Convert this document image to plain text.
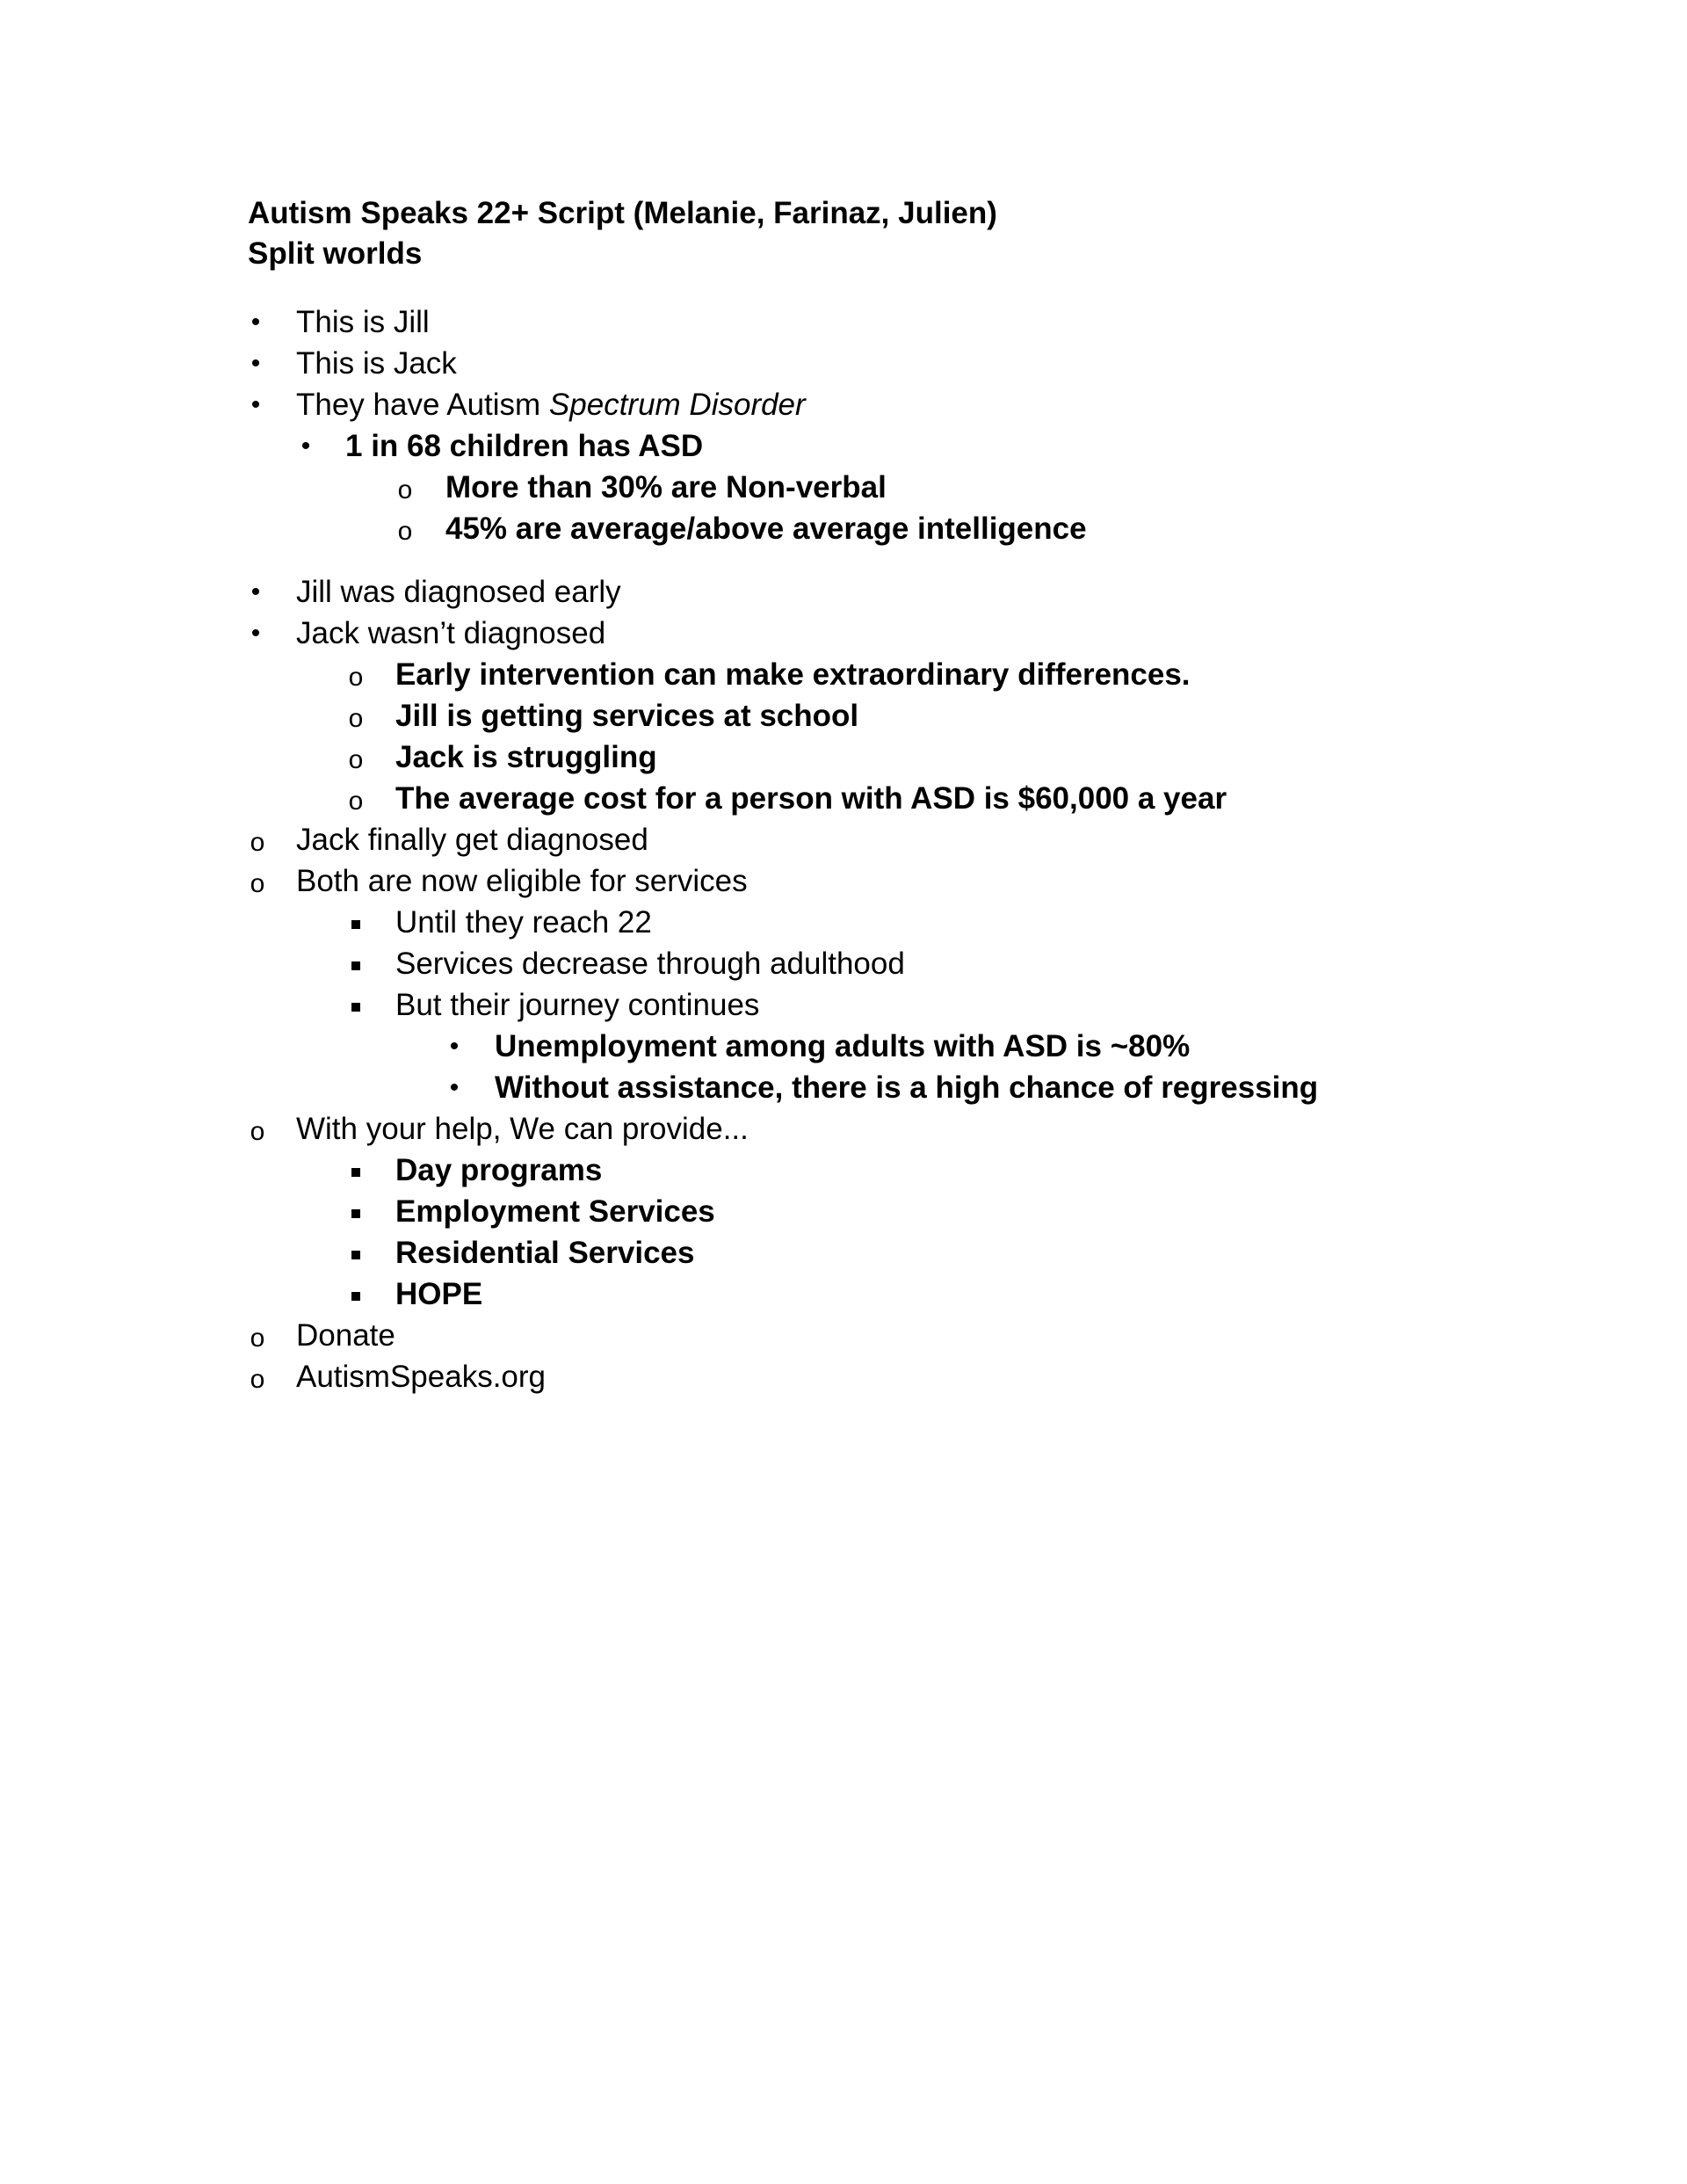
Autism Speaks 22+ Script (Melanie, Farinaz, Julien)
Split worlds
• This is Jill
• This is Jack
• They have Autism Spectrum Disorder
• 1 in 68 children has ASD
o More than 30% are Non-verbal
o 45% are average/above average intelligence
• Jill was diagnosed early
• Jack wasn’t diagnosed
o Early intervention can make extraordinary differences.
o Jill is getting services at school
o Jack is struggling
o The average cost for a person with ASD is $60,000 a year
o Jack finally get diagnosed
o Both are now eligible for services
Until they reach 22
Services decrease through adulthood
But their journey continues
• Unemployment among adults with ASD is ~80%
• Without assistance, there is a high chance of regressing
o With your help, We can provide...
Day programs
Employment Services
Residential Services
HOPE
o Donate
o AutismSpeaks.org
